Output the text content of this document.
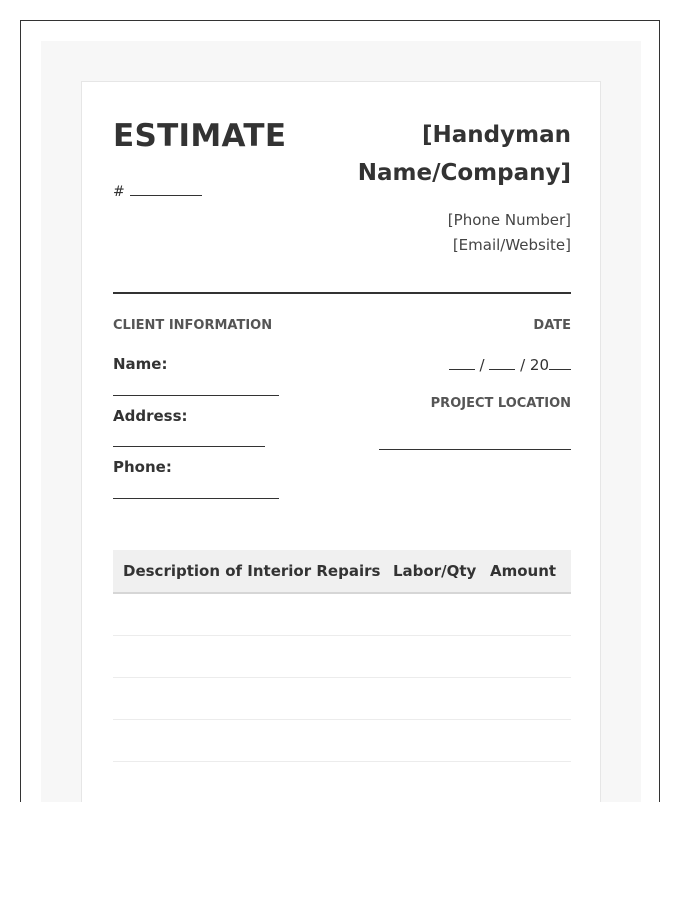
ESTIMATE
#
[Handyman Name/Company]
[Phone Number]
[Email/Website]
CLIENT INFORMATION
Name:
Address:
Phone:
DATE
/ / 20
PROJECT LOCATION
Description of Interior Repairs Labor/Qty Amount
